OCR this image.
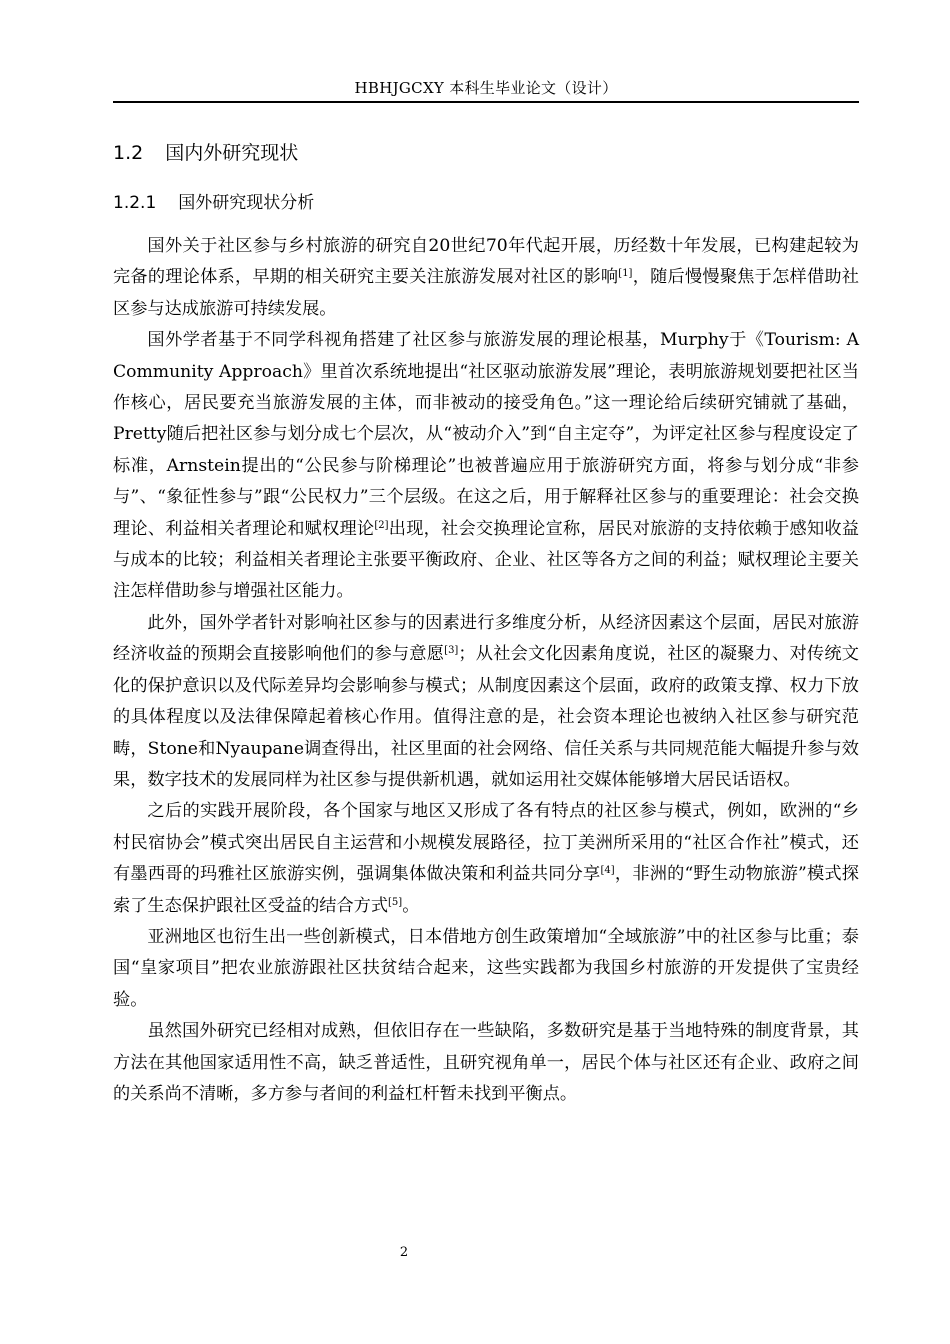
HBHJGCXY 本科生毕业论文（设计）
1.2 国内外研究现状
1.2.1 国外研究现状分析

国外关于社区参与乡村旅游的研究自20世纪70年代起开展，历经数十年发展，已构建起较为完备的理论体系，早期的相关研究主要关注旅游发展对社区的影响[1]，随后慢慢聚焦于怎样借助社区参与达成旅游可持续发展。

国外学者基于不同学科视角搭建了社区参与旅游发展的理论根基，Murphy于《Tourism: A Community Approach》里首次系统地提出“社区驱动旅游发展”理论，表明旅游规划要把社区当作核心，居民要充当旅游发展的主体，而非被动的接受角色。”这一理论给后续研究铺就了基础，Pretty随后把社区参与划分成七个层次，从“被动介入”到“自主定夺”，为评定社区参与程度设定了标准，Arnstein提出的“公民参与阶梯理论”也被普遍应用于旅游研究方面，将参与划分成“非参与”、“象征性参与”跟“公民权力”三个层级。在这之后，用于解释社区参与的重要理论：社会交换理论、利益相关者理论和赋权理论[2]出现，社会交换理论宣称，居民对旅游的支持依赖于感知收益与成本的比较；利益相关者理论主张要平衡政府、企业、社区等各方之间的利益；赋权理论主要关注怎样借助参与增强社区能力。

此外，国外学者针对影响社区参与的因素进行多维度分析，从经济因素这个层面，居民对旅游经济收益的预期会直接影响他们的参与意愿[3]；从社会文化因素角度说，社区的凝聚力、对传统文化的保护意识以及代际差异均会影响参与模式；从制度因素这个层面，政府的政策支撑、权力下放的具体程度以及法律保障起着核心作用。值得注意的是，社会资本理论也被纳入社区参与研究范畴，Stone和Nyaupane调查得出，社区里面的社会网络、信任关系与共同规范能大幅提升参与效果，数字技术的发展同样为社区参与提供新机遇，就如运用社交媒体能够增大居民话语权。

之后的实践开展阶段，各个国家与地区又形成了各有特点的社区参与模式，例如，欧洲的“乡村民宿协会”模式突出居民自主运营和小规模发展路径，拉丁美洲所采用的“社区合作社”模式，还有墨西哥的玛雅社区旅游实例，强调集体做决策和利益共同分享[4]，非洲的“野生动物旅游”模式探索了生态保护跟社区受益的结合方式[5]。

亚洲地区也衍生出一些创新模式，日本借地方创生政策增加“全域旅游”中的社区参与比重；泰国“皇家项目”把农业旅游跟社区扶贫结合起来，这些实践都为我国乡村旅游的开发提供了宝贵经验。

虽然国外研究已经相对成熟，但依旧存在一些缺陷，多数研究是基于当地特殊的制度背景，其方法在其他国家适用性不高，缺乏普适性，且研究视角单一，居民个体与社区还有企业、政府之间的关系尚不清晰，多方参与者间的利益杠杆暂未找到平衡点。

2
